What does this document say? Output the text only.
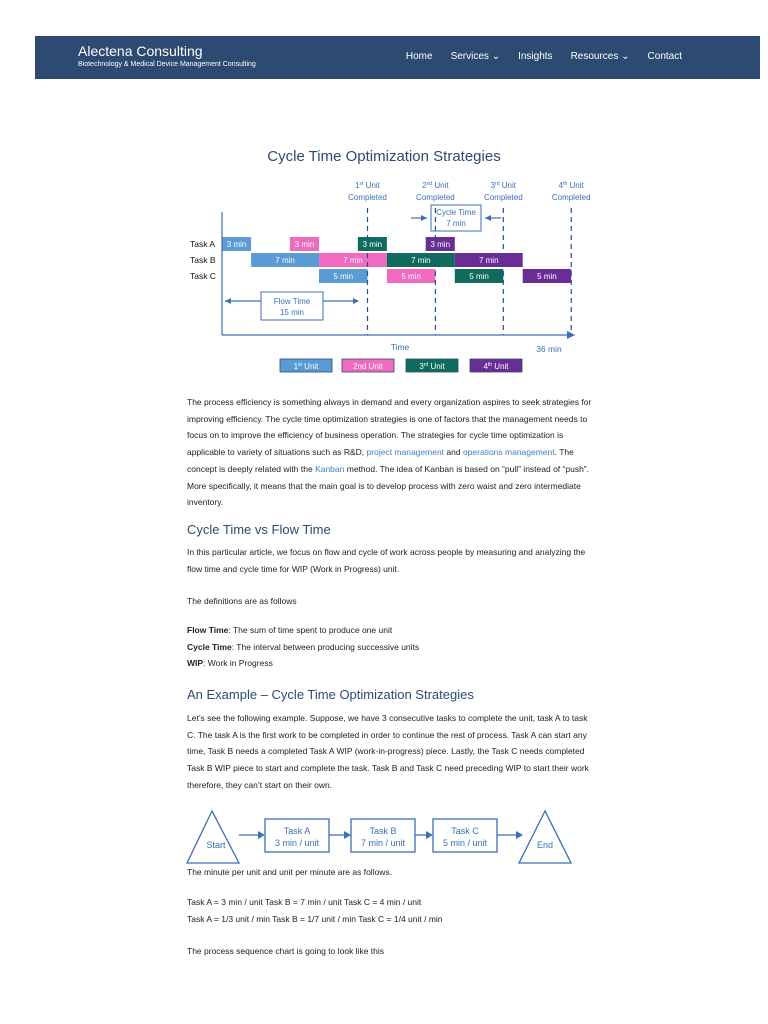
Alectena Consulting
Biotechnology & Medical Device Management Consulting
Home Services ⌄ Insights Resources ⌄ Contact
Cycle Time Optimization Strategies
1st Unit
Completed
2nd Unit
Completed
3rd Unit
Completed
4th Unit
Completed
Cycle Time
7 min
Task A
Task B
Task C
3 min	3 min	3 min	3 min
7 min	7 min	7 min	7 min
5 min	5 min	5 min	5 min
Time	36 min
Flow Time
15 min
1st Unit	2nd Unit	3rd Unit	4th Unit

The process efficiency is something always in demand and every organization aspires to seek strategies for improving efficiency. The cycle time optimization strategies is one of factors that the management needs to focus on to improve the efficiency of business operation. The strategies for cycle time optimization is applicable to variety of situations such as R&D, project management and operations management. The concept is deeply related with the Kanban method. The idea of Kanban is based on “pull” instead of “push”. More specifically, it means that the main goal is to develop process with zero waist and zero intermediate inventory.

Cycle Time vs Flow Time

In this particular article, we focus on flow and cycle of work across people by measuring and analyzing the flow time and cycle time for WIP (Work in Progress) unit.

The definitions are as follows

Flow Time: The sum of time spent to produce one unit
Cycle Time: The interval between producing successive units
WIP: Work in Progress

An Example – Cycle Time Optimization Strategies

Let’s see the following example. Suppose, we have 3 consecutive tasks to complete the unit, task A to task C. The task A is the first work to be completed in order to continue the rest of process. Task A can start any time, Task B needs a completed Task A WIP (work-in-progress) piece. Lastly, the Task C needs completed Task B WIP piece to start and complete the task. Task B and Task C need preceding WIP to start their work therefore, they can’t start on their own.

Start
Task A
3 min / unit
Task B
7 min / unit
Task C
5 min / unit	End

The minute per unit and unit per minute are as follows.

Task A = 3 min / unit Task B = 7 min / unit Task C = 4 min / unit
Task A = 1/3 unit / min Task B = 1/7 unit / min Task C = 1/4 unit / min

The process sequence chart is going to look like this
